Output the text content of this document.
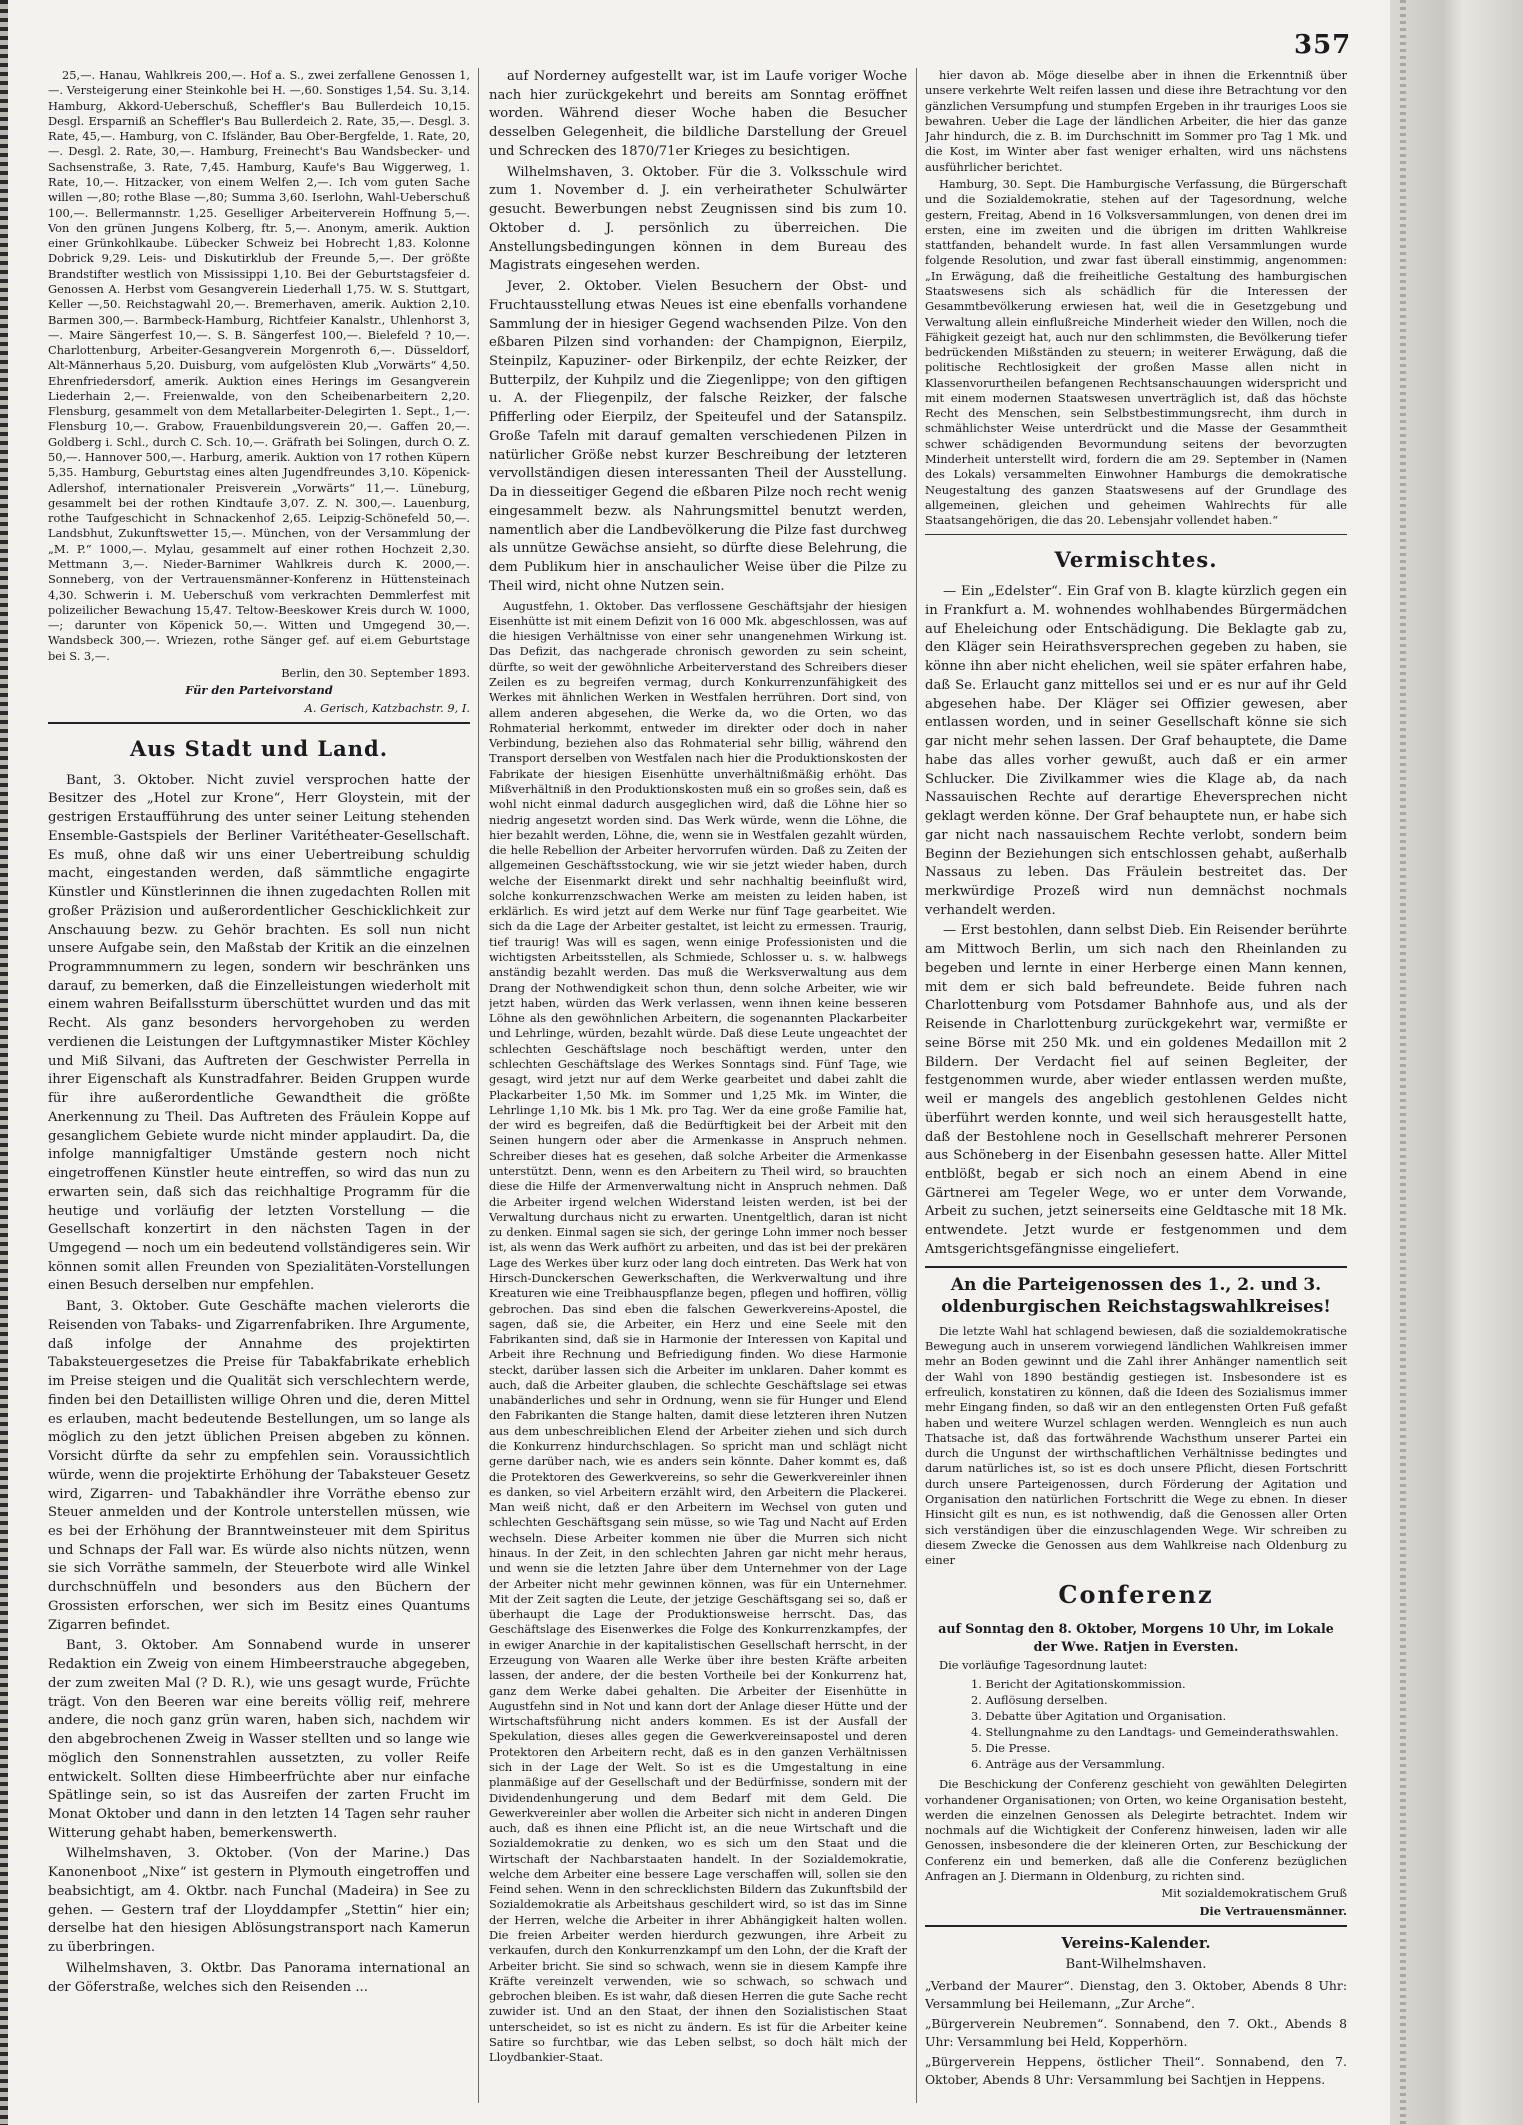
357

25,—. Hanau, Wahlkreis 200,—. Hof a. S., zwei zerfallene Genossen 1,—. Versteigerung einer Steinkohle bei H. —,60. Sonstiges 1,54. Su. 3,14. Hamburg, Akkord-Ueberschuß, Scheffler's Bau Bullerdeich 10,15. Desgl. Ersparniß an Scheffler's Bau Bullerdeich 2. Rate, 35,—. Desgl. 3. Rate, 45,—. Hamburg, von C. Ifsländer, Bau Ober-Bergfelde, 1. Rate, 20,—. Desgl. 2. Rate, 30,—. Hamburg, Freinecht's Bau Wandsbecker- und Sachsenstraße, 3. Rate, 7,45. Hamburg, Kaufe's Bau Wiggerweg, 1. Rate, 10,—. Hitzacker, von einem Welfen 2,—. Ich vom guten Sache willen —,80; rothe Blase —,80; Summa 3,60. Iserlohn, Wahl-Ueberschuß 100,—. Bellermannstr. 1,25. Geselliger Arbeiterverein Hoffnung 5,—. Von den grünen Jungens Kolberg, ftr. 5,—. Anonym, amerik. Auktion einer Grünkohlkaube. Lübecker Schweiz bei Hobrecht 1,83. Kolonne Dobrick 9,29. Leis- und Diskutirklub der Freunde 5,—. Der größte Brandstifter westlich von Mississippi 1,10. Bei der Geburtstagsfeier d. Genossen A. Herbst vom Gesangverein Liederhall 1,75. W. S. Stuttgart, Keller —,50. Reichstagwahl 20,—. Bremerhaven, amerik. Auktion 2,10. Barmen 300,—. Barmbeck-Hamburg, Richtfeier Kanalstr., Uhlenhorst 3,—. Maire Sängerfest 10,—. S. B. Sängerfest 100,—. Bielefeld ? 10,—. Charlottenburg, Arbeiter-Gesangverein Morgenroth 6,—. Düsseldorf, Alt-Männerhaus 5,20. Duisburg, vom aufgelösten Klub „Vorwärts“ 4,50. Ehrenfriedersdorf, amerik. Auktion eines Herings im Gesangverein Liederhain 2,—. Freienwalde, von den Scheibenarbeitern 2,20. Flensburg, gesammelt von dem Metallarbeiter-Delegirten 1. Sept., 1,—. Flensburg 10,—. Grabow, Frauenbildungsverein 20,—. Gaffen 20,—. Goldberg i. Schl., durch C. Sch. 10,—. Gräfrath bei Solingen, durch O. Z. 50,—. Hannover 500,—. Harburg, amerik. Auktion von 17 rothen Küpern 5,35. Hamburg, Geburtstag eines alten Jugendfreundes 3,10. Köpenick-Adlershof, internationaler Preisverein „Vorwärts“ 11,—. Lüneburg, gesammelt bei der rothen Kindtaufe 3,07. Z. N. 300,—. Lauenburg, rothe Taufgeschicht in Schnackenhof 2,65. Leipzig-Schönefeld 50,—. Landsbhut, Zukunftswetter 15,—. München, von der Versammlung der „M. P.“ 1000,—. Mylau, gesammelt auf einer rothen Hochzeit 2,30. Mettmann 3,—. Nieder-Barnimer Wahlkreis durch K. 2000,—. Sonneberg, von der Vertrauensmänner-Konferenz in Hüttensteinach 4,30. Schwerin i. M. Ueberschuß vom verkrachten Demmlerfest mit polizeilicher Bewachung 15,47. Teltow-Beeskower Kreis durch W. 1000,—; darunter von Köpenick 50,—. Witten und Umgegend 30,—. Wandsbeck 300,—. Wriezen, rothe Sänger gef. auf ei.em Geburtstage bei S. 3,—.

Berlin, den 30. September 1893.

Für den Parteivorstand

A. Gerisch, Katzbachstr. 9, I.

Aus Stadt und Land.

Bant, 3. Oktober. Nicht zuviel versprochen hatte der Besitzer des „Hotel zur Krone“, Herr Gloystein, mit der gestrigen Erstaufführung des unter seiner Leitung stehenden Ensemble-Gastspiels der Berliner Varitétheater-Gesellschaft. Es muß, ohne daß wir uns einer Uebertreibung schuldig macht, eingestanden werden, daß sämmtliche engagirte Künstler und Künstlerinnen die ihnen zugedachten Rollen mit großer Präzision und außerordentlicher Geschicklichkeit zur Anschauung bezw. zu Gehör brachten. Es soll nun nicht unsere Aufgabe sein, den Maßstab der Kritik an die einzelnen Programmnummern zu legen, sondern wir beschränken uns darauf, zu bemerken, daß die Einzelleistungen wiederholt mit einem wahren Beifallssturm überschüttet wurden und das mit Recht. Als ganz besonders hervorgehoben zu werden verdienen die Leistungen der Luftgymnastiker Mister Köchley und Miß Silvani, das Auftreten der Geschwister Perrella in ihrer Eigenschaft als Kunstradfahrer. Beiden Gruppen wurde für ihre außerordentliche Gewandtheit die größte Anerkennung zu Theil. Das Auftreten des Fräulein Koppe auf gesanglichem Gebiete wurde nicht minder applaudirt. Da, die infolge mannigfaltiger Umstände gestern noch nicht eingetroffenen Künstler heute eintreffen, so wird das nun zu erwarten sein, daß sich das reichhaltige Programm für die heutige und vorläufig der letzten Vorstellung — die Gesellschaft konzertirt in den nächsten Tagen in der Umgegend — noch um ein bedeutend vollständigeres sein. Wir können somit allen Freunden von Spezialitäten-Vorstellungen einen Besuch derselben nur empfehlen.

Bant, 3. Oktober. Gute Geschäfte machen vielerorts die Reisenden von Tabaks- und Zigarrenfabriken. Ihre Argumente, daß infolge der Annahme des projektirten Tabaksteuergesetzes die Preise für Tabakfabrikate erheblich im Preise steigen und die Qualität sich verschlechtern werde, finden bei den Detaillisten willige Ohren und die, deren Mittel es erlauben, macht bedeutende Bestellungen, um so lange als möglich zu den jetzt üblichen Preisen abgeben zu können. Vorsicht dürfte da sehr zu empfehlen sein. Voraussichtlich würde, wenn die projektirte Erhöhung der Tabaksteuer Gesetz wird, Zigarren- und Tabakhändler ihre Vorräthe ebenso zur Steuer anmelden und der Kontrole unterstellen müssen, wie es bei der Erhöhung der Branntweinsteuer mit dem Spiritus und Schnaps der Fall war. Es würde also nichts nützen, wenn sie sich Vorräthe sammeln, der Steuerbote wird alle Winkel durchschnüffeln und besonders aus den Büchern der Grossisten erforschen, wer sich im Besitz eines Quantums Zigarren befindet.

Bant, 3. Oktober. Am Sonnabend wurde in unserer Redaktion ein Zweig von einem Himbeerstrauche abgegeben, der zum zweiten Mal (? D. R.), wie uns gesagt wurde, Früchte trägt. Von den Beeren war eine bereits völlig reif, mehrere andere, die noch ganz grün waren, haben sich, nachdem wir den abgebrochenen Zweig in Wasser stellten und so lange wie möglich den Sonnenstrahlen aussetzten, zu voller Reife entwickelt. Sollten diese Himbeerfrüchte aber nur einfache Spätlinge sein, so ist das Ausreifen der zarten Frucht im Monat Oktober und dann in den letzten 14 Tagen sehr rauher Witterung gehabt haben, bemerkenswerth.

Wilhelmshaven, 3. Oktober. (Von der Marine.) Das Kanonenboot „Nixe“ ist gestern in Plymouth eingetroffen und beabsichtigt, am 4. Oktbr. nach Funchal (Madeira) in See zu gehen. — Gestern traf der Lloyddampfer „Stettin“ hier ein; derselbe hat den hiesigen Ablösungstransport nach Kamerun zu überbringen.

Wilhelmshaven, 3. Oktbr. Das Panorama international an der Göferstraße, welches sich den Reisenden ...

auf Norderney aufgestellt war, ist im Laufe voriger Woche nach hier zurückgekehrt und bereits am Sonntag eröffnet worden. Während dieser Woche haben die Besucher desselben Gelegenheit, die bildliche Darstellung der Greuel und Schrecken des 1870/71er Krieges zu besichtigen.

Wilhelmshaven, 3. Oktober. Für die 3. Volksschule wird zum 1. November d. J. ein verheiratheter Schulwärter gesucht. Bewerbungen nebst Zeugnissen sind bis zum 10. Oktober d. J. persönlich zu überreichen. Die Anstellungsbedingungen können in dem Bureau des Magistrats eingesehen werden.

Jever, 2. Oktober. Vielen Besuchern der Obst- und Fruchtausstellung etwas Neues ist eine ebenfalls vorhandene Sammlung der in hiesiger Gegend wachsenden Pilze. Von den eßbaren Pilzen sind vorhanden: der Champignon, Eierpilz, Steinpilz, Kapuziner- oder Birkenpilz, der echte Reizker, der Butterpilz, der Kuhpilz und die Ziegenlippe; von den giftigen u. A. der Fliegenpilz, der falsche Reizker, der falsche Pfifferling oder Eierpilz, der Speiteufel und der Satanspilz. Große Tafeln mit darauf gemalten verschiedenen Pilzen in natürlicher Größe nebst kurzer Beschreibung der letzteren vervollständigen diesen interessanten Theil der Ausstellung. Da in diesseitiger Gegend die eßbaren Pilze noch recht wenig eingesammelt bezw. als Nahrungsmittel benutzt werden, namentlich aber die Landbevölkerung die Pilze fast durchweg als unnütze Gewächse ansieht, so dürfte diese Belehrung, die dem Publikum hier in anschaulicher Weise über die Pilze zu Theil wird, nicht ohne Nutzen sein.

Augustfehn, 1. Oktober. Das verflossene Geschäftsjahr der hiesigen Eisenhütte ist mit einem Defizit von 16 000 Mk. abgeschlossen, was auf die hiesigen Verhältnisse von einer sehr unangenehmen Wirkung ist. Das Defizit, das nachgerade chronisch geworden zu sein scheint, dürfte, so weit der gewöhnliche Arbeiterverstand des Schreibers dieser Zeilen es zu begreifen vermag, durch Konkurrenzunfähigkeit des Werkes mit ähnlichen Werken in Westfalen herrühren. Dort sind, von allem anderen abgesehen, die Werke da, wo die Orten, wo das Rohmaterial herkommt, entweder im direkter oder doch in naher Verbindung, beziehen also das Rohmaterial sehr billig, während den Transport derselben von Westfalen nach hier die Produktionskosten der Fabrikate der hiesigen Eisenhütte unverhältnißmäßig erhöht. Das Mißverhältniß in den Produktionskosten muß ein so großes sein, daß es wohl nicht einmal dadurch ausgeglichen wird, daß die Löhne hier so niedrig angesetzt worden sind. Das Werk würde, wenn die Löhne, die hier bezahlt werden, Löhne, die, wenn sie in Westfalen gezahlt würden, die helle Rebellion der Arbeiter hervorrufen würden. Daß zu Zeiten der allgemeinen Geschäftsstockung, wie wir sie jetzt wieder haben, durch welche der Eisenmarkt direkt und sehr nachhaltig beeinflußt wird, solche konkurrenzschwachen Werke am meisten zu leiden haben, ist erklärlich. Es wird jetzt auf dem Werke nur fünf Tage gearbeitet. Wie sich da die Lage der Arbeiter gestaltet, ist leicht zu ermessen. Traurig, tief traurig! Was will es sagen, wenn einige Professionisten und die wichtigsten Arbeitsstellen, als Schmiede, Schlosser u. s. w. halbwegs anständig bezahlt werden. Das muß die Werksverwaltung aus dem Drang der Nothwendigkeit schon thun, denn solche Arbeiter, wie wir jetzt haben, würden das Werk verlassen, wenn ihnen keine besseren Löhne als den gewöhnlichen Arbeitern, die sogenannten Plackarbeiter und Lehrlinge, würden, bezahlt würde. Daß diese Leute ungeachtet der schlechten Geschäftslage noch beschäftigt werden, unter den schlechten Geschäftslage des Werkes Sonntags sind. Fünf Tage, wie gesagt, wird jetzt nur auf dem Werke gearbeitet und dabei zahlt die Plackarbeiter 1,50 Mk. im Sommer und 1,25 Mk. im Winter, die Lehrlinge 1,10 Mk. bis 1 Mk. pro Tag. Wer da eine große Familie hat, der wird es begreifen, daß die Bedürftigkeit bei der Arbeit mit den Seinen hungern oder aber die Armenkasse in Anspruch nehmen. Schreiber dieses hat es gesehen, daß solche Arbeiter die Armenkasse unterstützt. Denn, wenn es den Arbeitern zu Theil wird, so brauchten diese die Hilfe der Armenverwaltung nicht in Anspruch nehmen. Daß die Arbeiter irgend welchen Widerstand leisten werden, ist bei der Verwaltung durchaus nicht zu erwarten. Unentgeltlich, daran ist nicht zu denken. Einmal sagen sie sich, der geringe Lohn immer noch besser ist, als wenn das Werk aufhört zu arbeiten, und das ist bei der prekären Lage des Werkes über kurz oder lang doch eintreten. Das Werk hat von Hirsch-Dunckerschen Gewerkschaften, die Werkverwaltung und ihre Kreaturen wie eine Treibhauspflanze begen, pflegen und hoffiren, völlig gebrochen. Das sind eben die falschen Gewerkvereins-Apostel, die sagen, daß sie, die Arbeiter, ein Herz und eine Seele mit den Fabrikanten sind, daß sie in Harmonie der Interessen von Kapital und Arbeit ihre Rechnung und Befriedigung finden. Wo diese Harmonie steckt, darüber lassen sich die Arbeiter im unklaren. Daher kommt es auch, daß die Arbeiter glauben, die schlechte Geschäftslage sei etwas unabänderliches und sehr in Ordnung, wenn sie für Hunger und Elend den Fabrikanten die Stange halten, damit diese letzteren ihren Nutzen aus dem unbeschreiblichen Elend der Arbeiter ziehen und sich durch die Konkurrenz hindurchschlagen. So spricht man und schlägt nicht gerne darüber nach, wie es anders sein könnte. Daher kommt es, daß die Protektoren des Gewerkvereins, so sehr die Gewerkvereinler ihnen es danken, so viel Arbeitern erzählt wird, den Arbeitern die Plackerei. Man weiß nicht, daß er den Arbeitern im Wechsel von guten und schlechten Geschäftsgang sein müsse, so wie Tag und Nacht auf Erden wechseln. Diese Arbeiter kommen nie über die Murren sich nicht hinaus. In der Zeit, in den schlechten Jahren gar nicht mehr heraus, und wenn sie die letzten Jahre über dem Unternehmer von der Lage der Arbeiter nicht mehr gewinnen können, was für ein Unternehmer. Mit der Zeit sagten die Leute, der jetzige Geschäftsgang sei so, daß er überhaupt die Lage der Produktionsweise herrscht. Das, das Geschäftslage des Eisenwerkes die Folge des Konkurrenzkampfes, der in ewiger Anarchie in der kapitalistischen Gesellschaft herrscht, in der Erzeugung von Waaren alle Werke über ihre besten Kräfte arbeiten lassen, der andere, der die besten Vortheile bei der Konkurrenz hat, ganz dem Werke dabei gehalten. Die Arbeiter der Eisenhütte in Augustfehn sind in Not und kann dort der Anlage dieser Hütte und der Wirtschaftsführung nicht anders kommen. Es ist der Ausfall der Spekulation, dieses alles gegen die Gewerkvereinsapostel und deren Protektoren den Arbeitern recht, daß es in den ganzen Verhältnissen sich in der Lage der Welt. So ist es die Umgestaltung in eine planmäßige auf der Gesellschaft und der Bedürfnisse, sondern mit der Dividendenhungerung und dem Bedarf mit dem Geld. Die Gewerkvereinler aber wollen die Arbeiter sich nicht in anderen Dingen auch, daß es ihnen eine Pflicht ist, an die neue Wirtschaft und die Sozialdemokratie zu denken, wo es sich um den Staat und die Wirtschaft der Nachbarstaaten handelt. In der Sozialdemokratie, welche dem Arbeiter eine bessere Lage verschaffen will, sollen sie den Feind sehen. Wenn in den schrecklichsten Bildern das Zukunftsbild der Sozialdemokratie als Arbeitshaus geschildert wird, so ist das im Sinne der Herren, welche die Arbeiter in ihrer Abhängigkeit halten wollen. Die freien Arbeiter werden hierdurch gezwungen, ihre Arbeit zu verkaufen, durch den Konkurrenzkampf um den Lohn, der die Kraft der Arbeiter bricht. Sie sind so schwach, wenn sie in diesem Kampfe ihre Kräfte vereinzelt verwenden, wie so schwach, so schwach und gebrochen bleiben. Es ist wahr, daß diesen Herren die gute Sache recht zuwider ist. Und an den Staat, der ihnen den Sozialistischen Staat unterscheidet, so ist es nicht zu ändern. Es ist für die Arbeiter keine Satire so furchtbar, wie das Leben selbst, so doch hält mich der Lloydbankier-Staat.

hier davon ab. Möge dieselbe aber in ihnen die Erkenntniß über unsere verkehrte Welt reifen lassen und diese ihre Betrachtung vor den gänzlichen Versumpfung und stumpfen Ergeben in ihr trauriges Loos sie bewahren. Ueber die Lage der ländlichen Arbeiter, die hier das ganze Jahr hindurch, die z. B. im Durchschnitt im Sommer pro Tag 1 Mk. und die Kost, im Winter aber fast weniger erhalten, wird uns nächstens ausführlicher berichtet.

Hamburg, 30. Sept. Die Hamburgische Verfassung, die Bürgerschaft und die Sozialdemokratie, stehen auf der Tagesordnung, welche gestern, Freitag, Abend in 16 Volksversammlungen, von denen drei im ersten, eine im zweiten und die übrigen im dritten Wahlkreise stattfanden, behandelt wurde. In fast allen Versammlungen wurde folgende Resolution, und zwar fast überall einstimmig, angenommen: „In Erwägung, daß die freiheitliche Gestaltung des hamburgischen Staatswesens sich als schädlich für die Interessen der Gesammtbevölkerung erwiesen hat, weil die in Gesetzgebung und Verwaltung allein einflußreiche Minderheit wieder den Willen, noch die Fähigkeit gezeigt hat, auch nur den schlimmsten, die Bevölkerung tiefer bedrückenden Mißständen zu steuern; in weiterer Erwägung, daß die politische Rechtlosigkeit der großen Masse allen nicht in Klassenvorurtheilen befangenen Rechtsanschauungen widerspricht und mit einem modernen Staatswesen unverträglich ist, daß das höchste Recht des Menschen, sein Selbstbestimmungsrecht, ihm durch in schmählichster Weise unterdrückt und die Masse der Gesammtheit schwer schädigenden Bevormundung seitens der bevorzugten Minderheit unterstellt wird, fordern die am 29. September in (Namen des Lokals) versammelten Einwohner Hamburgs die demokratische Neugestaltung des ganzen Staatswesens auf der Grundlage des allgemeinen, gleichen und geheimen Wahlrechts für alle Staatsangehörigen, die das 20. Lebensjahr vollendet haben.“

Vermischtes.

— Ein „Edelster“. Ein Graf von B. klagte kürzlich gegen ein in Frankfurt a. M. wohnendes wohlhabendes Bürgermädchen auf Eheleichung oder Entschädigung. Die Beklagte gab zu, den Kläger sein Heirathsversprechen gegeben zu haben, sie könne ihn aber nicht ehelichen, weil sie später erfahren habe, daß Se. Erlaucht ganz mittellos sei und er es nur auf ihr Geld abgesehen habe. Der Kläger sei Offizier gewesen, aber entlassen worden, und in seiner Gesellschaft könne sie sich gar nicht mehr sehen lassen. Der Graf behauptete, die Dame habe das alles vorher gewußt, auch daß er ein armer Schlucker. Die Zivilkammer wies die Klage ab, da nach Nassauischen Rechte auf derartige Eheversprechen nicht geklagt werden könne. Der Graf behauptete nun, er habe sich gar nicht nach nassauischem Rechte verlobt, sondern beim Beginn der Beziehungen sich entschlossen gehabt, außerhalb Nassaus zu leben. Das Fräulein bestreitet das. Der merkwürdige Prozeß wird nun demnächst nochmals verhandelt werden.

— Erst bestohlen, dann selbst Dieb. Ein Reisender berührte am Mittwoch Berlin, um sich nach den Rheinlanden zu begeben und lernte in einer Herberge einen Mann kennen, mit dem er sich bald befreundete. Beide fuhren nach Charlottenburg vom Potsdamer Bahnhofe aus, und als der Reisende in Charlottenburg zurückgekehrt war, vermißte er seine Börse mit 250 Mk. und ein goldenes Medaillon mit 2 Bildern. Der Verdacht fiel auf seinen Begleiter, der festgenommen wurde, aber wieder entlassen werden mußte, weil er mangels des angeblich gestohlenen Geldes nicht überführt werden konnte, und weil sich herausgestellt hatte, daß der Bestohlene noch in Gesellschaft mehrerer Personen aus Schöneberg in der Eisenbahn gesessen hatte. Aller Mittel entblößt, begab er sich noch an einem Abend in eine Gärtnerei am Tegeler Wege, wo er unter dem Vorwande, Arbeit zu suchen, jetzt seinerseits eine Geldtasche mit 18 Mk. entwendete. Jetzt wurde er festgenommen und dem Amtsgerichtsgefängnisse eingeliefert.

An die Parteigenossen des 1., 2. und 3. oldenburgischen Reichstagswahlkreises!

Die letzte Wahl hat schlagend bewiesen, daß die sozialdemokratische Bewegung auch in unserem vorwiegend ländlichen Wahlkreisen immer mehr an Boden gewinnt und die Zahl ihrer Anhänger namentlich seit der Wahl von 1890 beständig gestiegen ist. Insbesondere ist es erfreulich, konstatiren zu können, daß die Ideen des Sozialismus immer mehr Eingang finden, so daß wir an den entlegensten Orten Fuß gefaßt haben und weitere Wurzel schlagen werden. Wenngleich es nun auch Thatsache ist, daß das fortwährende Wachsthum unserer Partei ein durch die Ungunst der wirthschaftlichen Verhältnisse bedingtes und darum natürliches ist, so ist es doch unsere Pflicht, diesen Fortschritt durch unsere Parteigenossen, durch Förderung der Agitation und Organisation den natürlichen Fortschritt die Wege zu ebnen. In dieser Hinsicht gilt es nun, es ist nothwendig, daß die Genossen aller Orten sich verständigen über die einzuschlagenden Wege. Wir schreiben zu diesem Zwecke die Genossen aus dem Wahlkreise nach Oldenburg zu einer

Conferenz

auf Sonntag den 8. Oktober, Morgens 10 Uhr, im Lokale der Wwe. Ratjen in Eversten.

Die vorläufige Tagesordnung lautet:

1. Bericht der Agitationskommission.
2. Auflösung derselben.
3. Debatte über Agitation und Organisation.
4. Stellungnahme zu den Landtags- und Gemeinderathswahlen.
5. Die Presse.
6. Anträge aus der Versammlung.

Die Beschickung der Conferenz geschieht von gewählten Delegirten vorhandener Organisationen; von Orten, wo keine Organisation besteht, werden die einzelnen Genossen als Delegirte betrachtet. Indem wir nochmals auf die Wichtigkeit der Conferenz hinweisen, laden wir alle Genossen, insbesondere die der kleineren Orten, zur Beschickung der Conferenz ein und bemerken, daß alle die Conferenz bezüglichen Anfragen an J. Diermann in Oldenburg, zu richten sind.

Mit sozialdemokratischem Gruß

Die Vertrauensmänner.

Vereins-Kalender.

Bant-Wilhelmshaven.

„Verband der Maurer“. Dienstag, den 3. Oktober, Abends 8 Uhr: Versammlung bei Heilemann, „Zur Arche“.

„Bürgerverein Neubremen“. Sonnabend, den 7. Okt., Abends 8 Uhr: Versammlung bei Held, Kopperhörn.

„Bürgerverein Heppens, östlicher Theil“. Sonnabend, den 7. Oktober, Abends 8 Uhr: Versammlung bei Sachtjen in Heppens.
